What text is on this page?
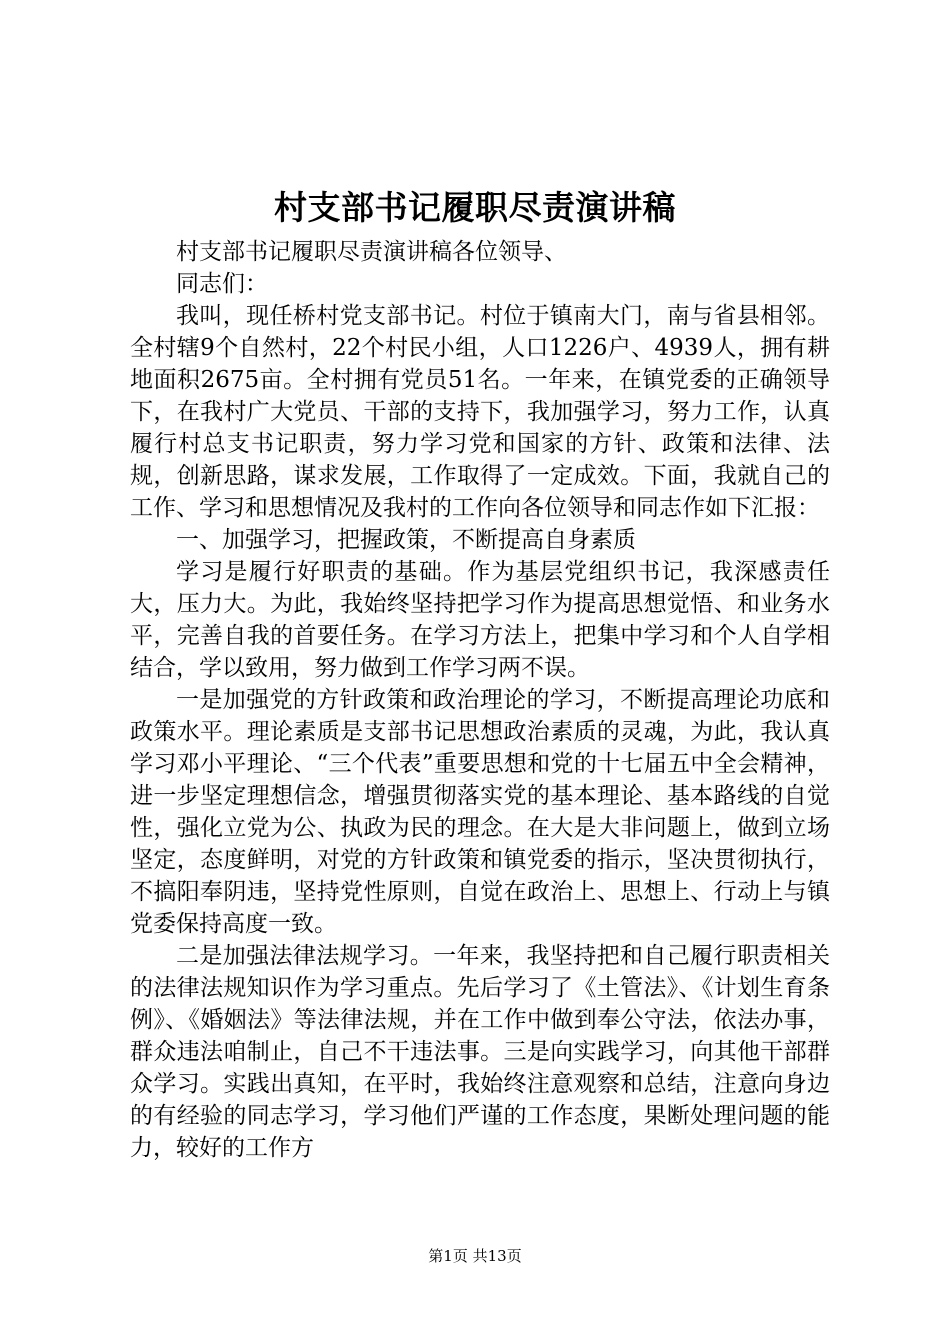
村支部书记履职尽责演讲稿

村支部书记履职尽责演讲稿各位领导、

同志们：

我叫，现任桥村党支部书记。村位于镇南大门，南与省县相邻。全村辖9个自然村，22个村民小组，人口1226户、4939人，拥有耕地面积2675亩。全村拥有党员51名。一年来，在镇党委的正确领导下，在我村广大党员、干部的支持下，我加强学习，努力工作，认真履行村总支书记职责，努力学习党和国家的方针、政策和法律、法规，创新思路，谋求发展，工作取得了一定成效。下面，我就自己的工作、学习和思想情况及我村的工作向各位领导和同志作如下汇报：

一、加强学习，把握政策，不断提高自身素质

学习是履行好职责的基础。作为基层党组织书记，我深感责任大，压力大。为此，我始终坚持把学习作为提高思想觉悟、和业务水平，完善自我的首要任务。在学习方法上，把集中学习和个人自学相结合，学以致用，努力做到工作学习两不误。

一是加强党的方针政策和政治理论的学习，不断提高理论功底和政策水平。理论素质是支部书记思想政治素质的灵魂，为此，我认真学习邓小平理论、“三个代表”重要思想和党的十七届五中全会精神，进一步坚定理想信念，增强贯彻落实党的基本理论、基本路线的自觉性，强化立党为公、执政为民的理念。在大是大非问题上，做到立场坚定，态度鲜明，对党的方针政策和镇党委的指示，坚决贯彻执行，不搞阳奉阴违，坚持党性原则，自觉在政治上、思想上、行动上与镇党委保持高度一致。

二是加强法律法规学习。一年来，我坚持把和自己履行职责相关的法律法规知识作为学习重点。先后学习了《土管法》、《计划生育条例》、《婚姻法》等法律法规，并在工作中做到奉公守法，依法办事，群众违法咱制止，自己不干违法事。三是向实践学习，向其他干部群众学习。实践出真知，在平时，我始终注意观察和总结，注意向身边的有经验的同志学习，学习他们严谨的工作态度，果断处理问题的能力，较好的工作方

第1页 共13页
